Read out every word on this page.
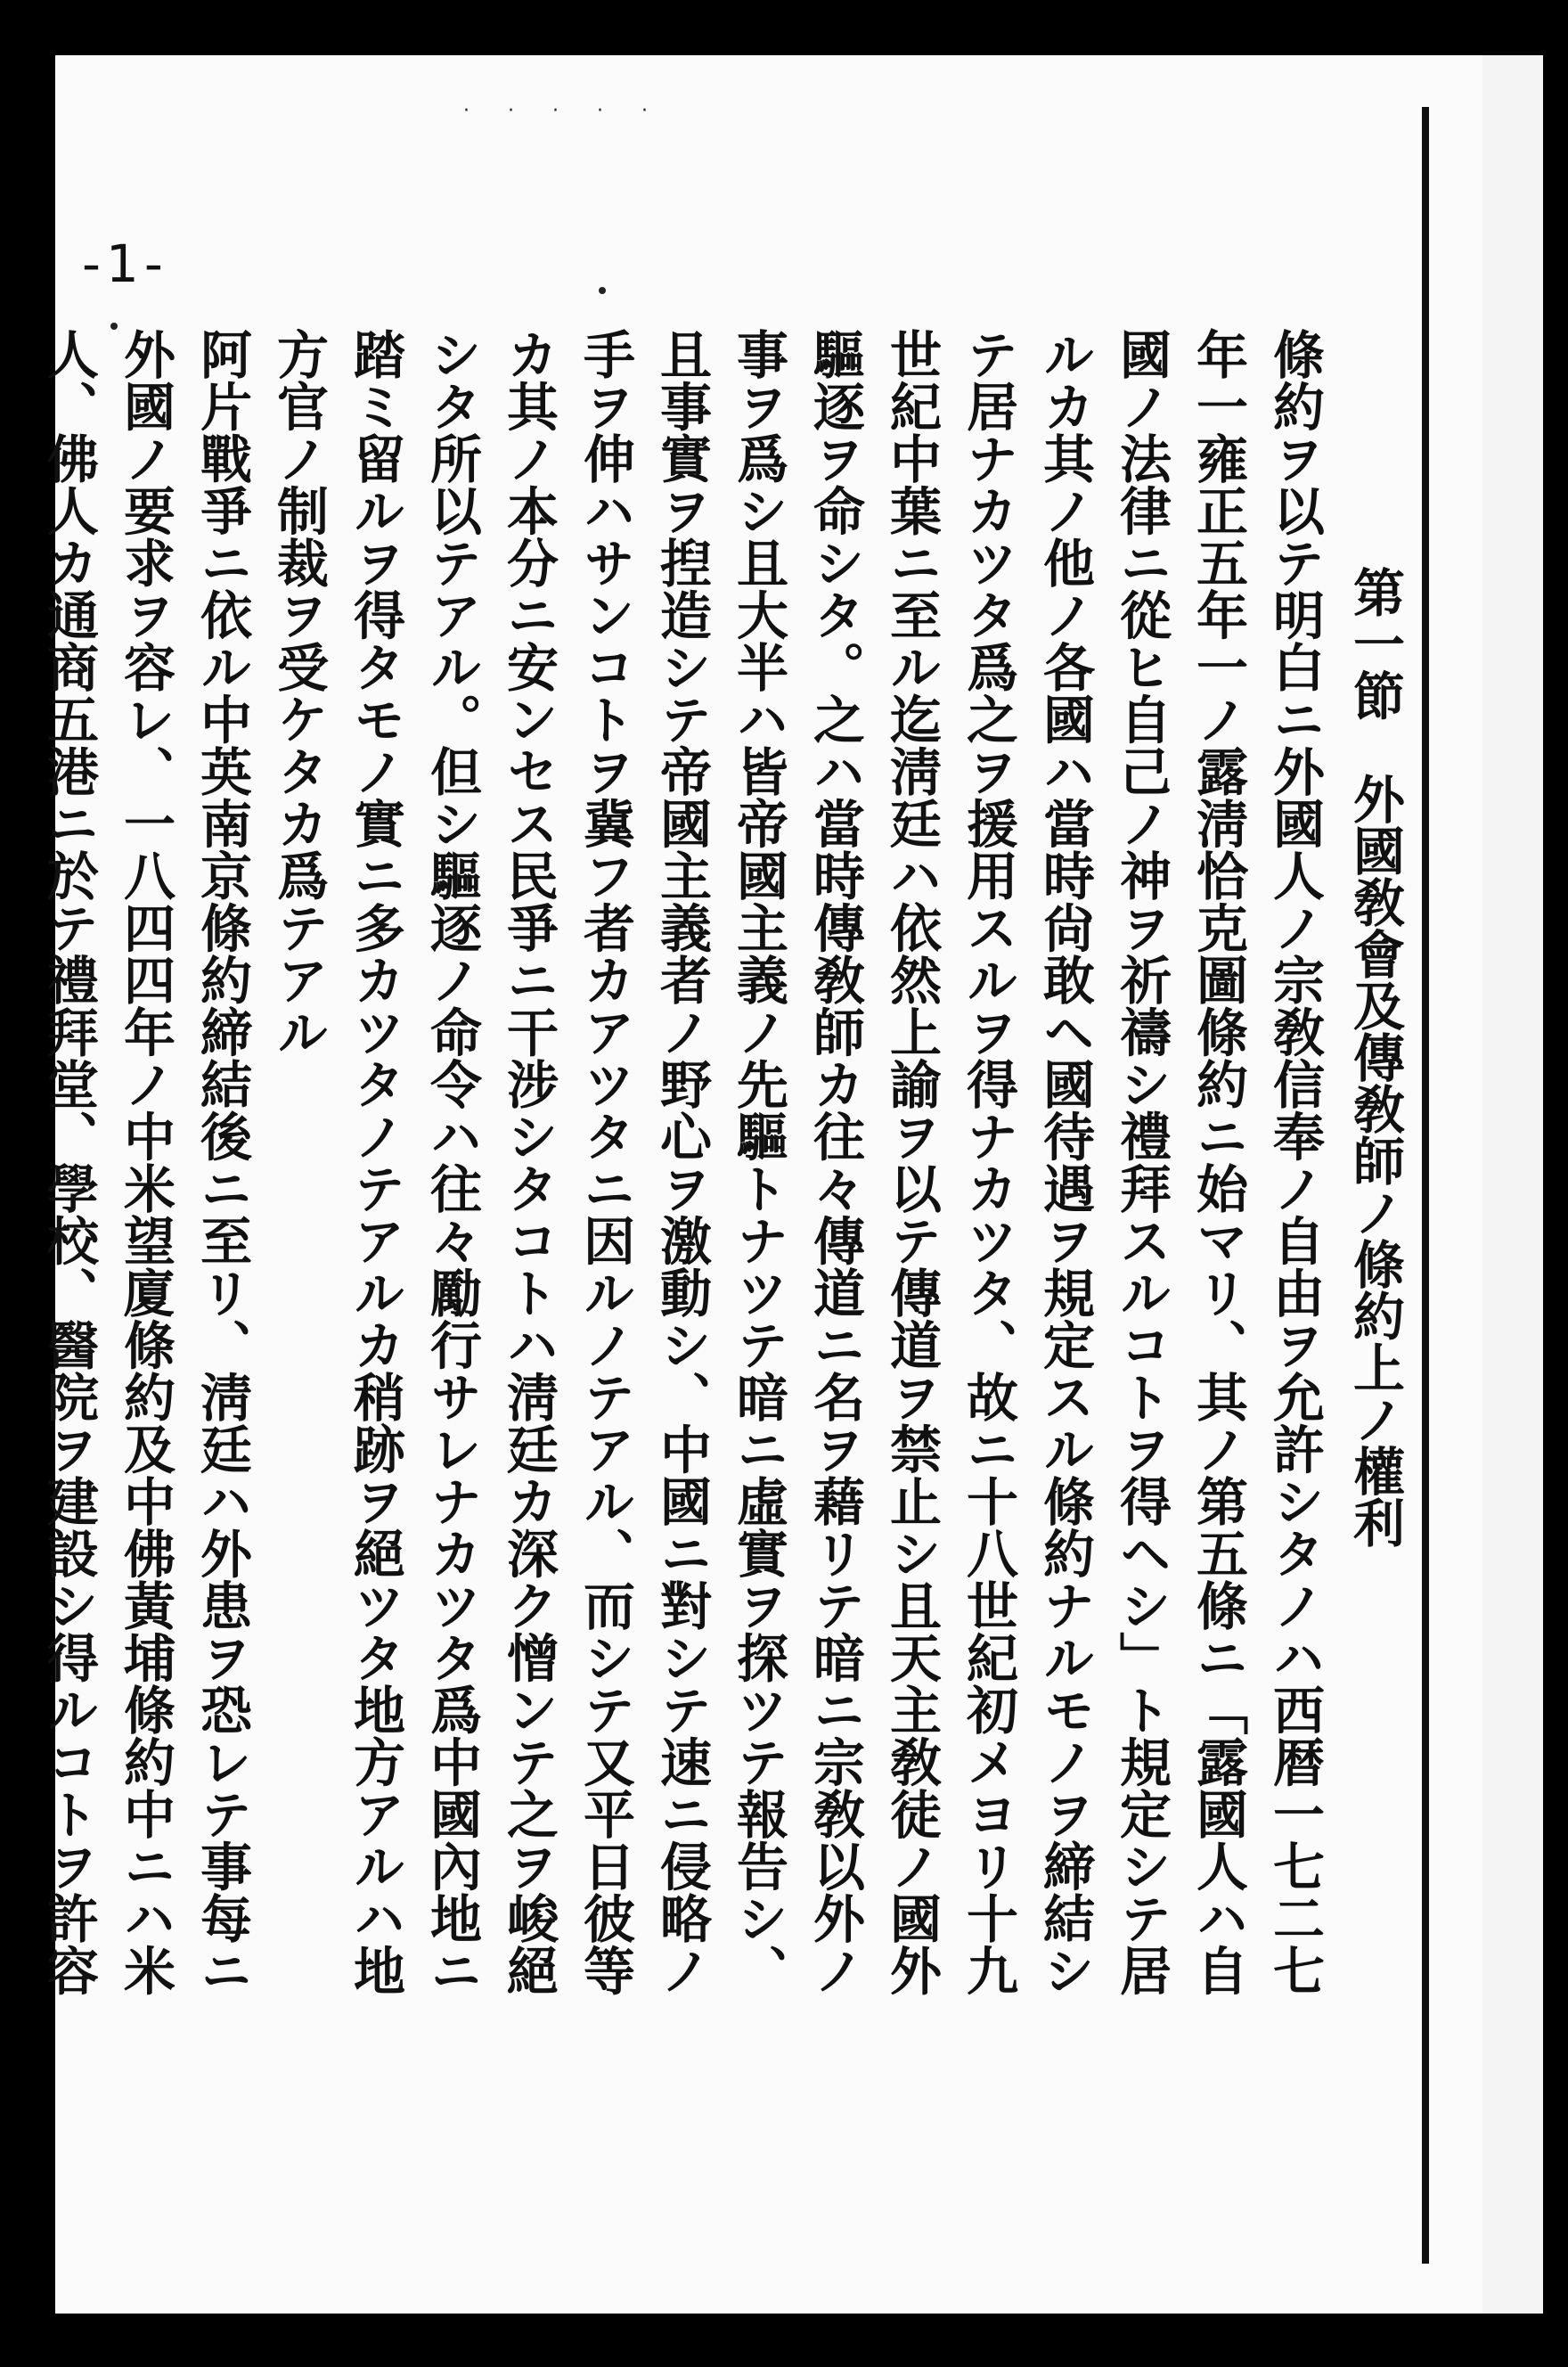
· · · · ·
-1-
第一節　外國敎會及傳敎師ノ條約上ノ權利
條約ヲ以テ明白ニ外國人ノ宗敎信奉ノ自由ヲ允許シタノハ西暦一七二七
年一雍正五年一ノ露淸恰克圖條約ニ始マリ、其ノ第五條ニ「露國人ハ自
國ノ法律ニ從ヒ自己ノ神ヲ祈禱シ禮拜スルコトヲ得ヘシ」ト規定シテ居
ルカ其ノ他ノ各國ハ當時尙敢ヘ國待遇ヲ規定スル條約ナルモノヲ締結シ
テ居ナカツタ爲之ヲ援用スルヲ得ナカツタ、故ニ十八世紀初メヨリ十九
世紀中葉ニ至ル迄淸廷ハ依然上諭ヲ以テ傳道ヲ禁止シ且天主敎徒ノ國外
驅逐ヲ命シタ。之ハ當時傳敎師カ往々傳道ニ名ヲ藉リテ暗ニ宗敎以外ノ
事ヲ爲シ且大半ハ皆帝國主義ノ先驅トナツテ暗ニ虛實ヲ探ツテ報告シ、
且事實ヲ揑造シテ帝國主義者ノ野心ヲ激動シ、中國ニ對シテ速ニ侵略ノ
手ヲ伸ハサンコトヲ冀フ者カアツタニ因ルノテアル、而シテ又平日彼等
カ其ノ本分ニ安ンセス民爭ニ干涉シタコトハ淸廷カ深ク憎ンテ之ヲ峻絕
シタ所以テアル。但シ驅逐ノ命令ハ往々勵行サレナカツタ爲中國內地ニ
踏ミ留ルヲ得タモノ實ニ多カツタノテアルカ稍跡ヲ絕ツタ地方アルハ地
方官ノ制裁ヲ受ケタカ爲テアル
阿片戰爭ニ依ル中英南京條約締結後ニ至リ、淸廷ハ外患ヲ恐レテ事每ニ
外國ノ要求ヲ容レ、一八四四年ノ中米望廈條約及中佛黃埔條約中ニハ米
人、佛人カ通商五港ニ於テ禮拜堂、學校、醫院ヲ建設シ得ルコトヲ許容
